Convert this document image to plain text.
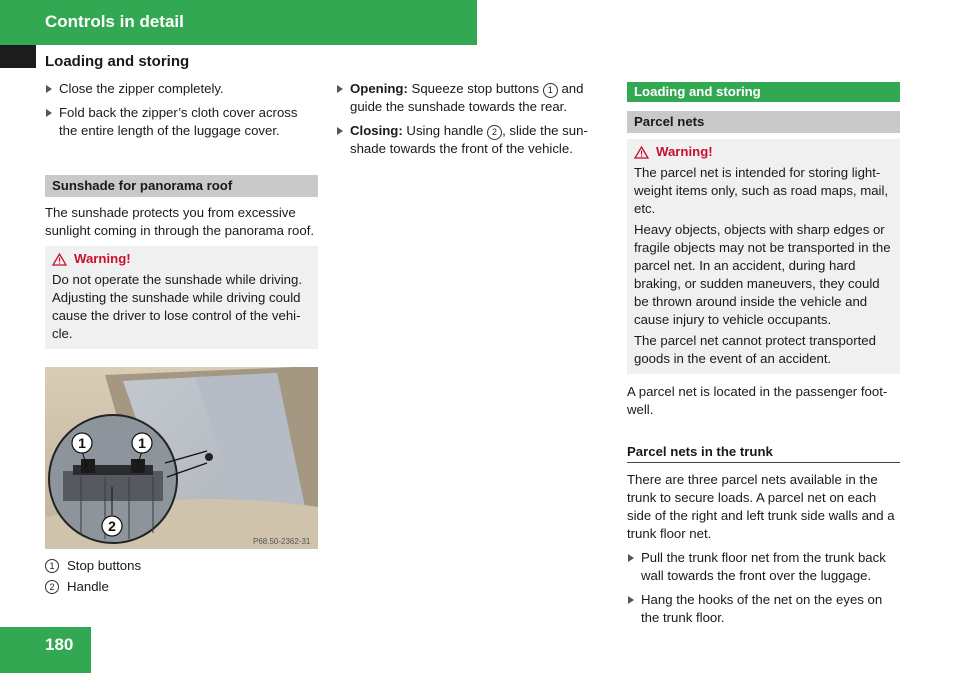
Controls in detail
Loading and storing
Close the zipper completely.
Fold back the zipper’s cloth cover across the entire length of the luggage cover.
Sunshade for panorama roof
The sunshade protects you from excessive sunlight coming in through the panorama roof.
Warning!
Do not operate the sunshade while driving. Adjusting the sunshade while driving could cause the driver to lose control of the vehicle.
1	1
2
P68.50-2362-31
1 Stop buttons
2 Handle
Opening: Squeeze stop buttons 1 and guide the sunshade towards the rear.
Closing: Using handle 2 , slide the sunshade towards the front of the vehicle.
Loading and storing
Parcel nets
Warning!
The parcel net is intended for storing lightweight items only, such as road maps, mail, etc.
Heavy objects, objects with sharp edges or fragile objects may not be transported in the parcel net. In an accident, during hard braking, or sudden maneuvers, they could be thrown around inside the vehicle and cause injury to vehicle occupants.
The parcel net cannot protect transported goods in the event of an accident.
A parcel net is located in the passenger footwell.
Parcel nets in the trunk
There are three parcel nets available in the trunk to secure loads. A parcel net on each side of the right and left trunk side walls and a trunk floor net.
Pull the trunk floor net from the trunk back wall towards the front over the luggage.
Hang the hooks of the net on the eyes on the trunk floor.
180
